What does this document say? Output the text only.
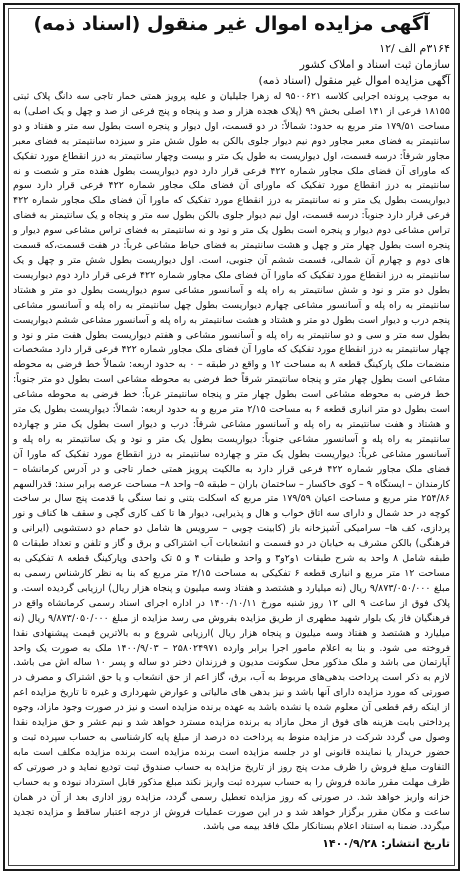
آگهی مزایده اموال غیر منقول (اسناد ذمه)
۳۱۶۴م الف /۱۲
سازمان ثبت اسناد و املاک کشور
آگهی مزایده اموال غیر منقول (اسناد ذمه)
به موجب پرونده اجرایی کلاسه ۹۵۰۰۶۲۱ له زهرا جلیلیان و علیه پرویز همتی خمار تاجی سه دانگ پلاک ثبتی ۱۸۱۵۵ فرعی از ۱۴۱ اصلی بخش ۹۹ (پلاک هجده هزار و صد و پنجاه و پنج فرعی از صد و چهل و یک اصلی) به مساحت ۱۷۹/۵۱ متر مربع به حدود: شمالاً: در دو قسمت، اول دیوار و پنجره است بطول سه متر و هفتاد و دو سانتیمتر به فضای معبر مجاور دوم نیم دیوار جلوی بالکن به طول شش متر و سیزده سانتیمتر به فضای معبر مجاور شرقاً: درسه قسمت، اول دیواریست به طول یک متر و بیست وچهار سانتیمتر به درز انقطاع مورد تفکیک که ماورای آن فضای ملک مجاور شماره ۴۲۲ فرعی قرار دارد دوم دیواریست بطول هفده متر و شصت و نه سانتیمتر به درز انقطاع مورد تفکیک که ماورای آن فضای ملک مجاور شماره ۴۲۲ فرعی قرار دارد سوم دیواریست بطول یک متر و نه سانتیمتر به درز انقطاع مورد تفکیک که ماورا آن فضای ملک مجاور شماره ۴۲۲ فرعی قرار دارد جنوباً: درسه قسمت، اول نیم دیوار جلوی بالکن بطول سه متر و پنجاه و یک سانتیمتر به فضای تراس مشاعی دوم دیوار و پنجره است بطول یک متر و نود و نه سانتیمتر به فضای تراس مشاعی سوم دیوار و پنجره است بطول چهار متر و چهل و هشت سانتیمتر به فضای حیاط مشاعی غرباً: در هفت قسمت،که قسمت های دوم و چهارم آن شمالی، قسمت ششم آن جنوبی، است. اول دیواریست بطول شش متر و چهل و یک سانتیمتر به درز انقطاع مورد تفکیک که ماورا آن فضای ملک مجاور شماره ۴۲۲ فرعی قرار دارد دوم دیواریست بطول دو متر و نود و شش سانتیمتر به راه پله و آسانسور مشاعی سوم دیواریست بطول دو متر و هشتاد سانتیمتر به راه پله و آسانسور مشاعی چهارم دیواریست بطول چهل سانتیمتر به راه پله و آسانسور مشاعی پنجم درب و دیوار است بطول دو متر و هشتاد و هشت سانتیمتر به راه پله و آسانسور مشاعی ششم دیواریست بطول سه متر و سی و دو سانتیمتر به راه پله و آسانسور مشاعی و هفتم دیواریست بطول هفت متر و نود و چهار سانتیمتر به درز انقطاع مورد تفکیک که ماورا آن فضای ملک مجاور شماره ۴۲۲ فرعی قرار دارد مشخصات منضمات ملک پارکینگ قطعه ۸ به مساحت ۱۲ و واقع در طبقه – ۰ به حدود اربعه: شمالاً خط فرضی به محوطه مشاعی است بطول چهار متر و پنجاه سانتیمتر شرقاً خط فرضی به محوطه مشاعی است بطول دو متر جنوباً: خط فرضی به محوطه مشاعی است بطول چهار متر و پنجاه سانتیمتر غرباً: خط فرضی به محوطه مشاعی است بطول دو متر انباری قطعه ۶ به مساحت ۲/۱۵ متر مربع و به حدود اربعه: شمالاً: دیواریست بطول یک متر و هشتاد و هفت سانتیمتر به راه پله و آسانسور مشاعی شرقاً: درب و دیوار است بطول یک متر و چهارده سانتیمتر به راه پله و آسانسور مشاعی جنوباً: دیواریست بطول یک متر و نود و یک سانتیمتر به راه پله و آسانسور مشاعی غرباً: دیواریست بطول یک متر و چهارده سانتیمتر به درز انقطاع مورد تفکیک که ماورا آن فضای ملک مجاور شماره ۴۲۲ فرعی قرار دارد به مالکیت پرویز همتی خمار تاجی و در آدرس کرمانشاه – کارمندان – ایستگاه ۹ – کوی خاکسار – ساختمان باران – طبقه ۵– واحد ۸– مساحت عرصه برابر سند: قدرالسهم ۲۵۴/۸۶ متر مربع و مساحت اعیان ۱۷۹/۵۹ متر مربع که اسکلت بتنی و نما سنگی با قدمت پنج سال بر ساخت کوچه در حد شمال و دارای سه اتاق خواب و هال و پذیرایی، دیوار ها تا کف کاری گچی و سقف ها کناف و نور پردازی، کف ها– سرامیکی آشپزخانه باز (کابینت چوبی – سرویس ها شامل دو حمام دو دستشویی (ایرانی و فرهنگی) بالکن مشرف به خیابان در دو قسمت و انشعابات آب اشتراکی و برق و گاز و تلفن و تعداد طبقات ۵ طبقه شامل ۸ واحد به شرح طبقات ۱و۲و۳ و واحد و طبقات ۴ و ۵ تک واحدی وپارکینگ قطعه ۸ تفکیکی به مساحت ۱۲ متر مربع و انباری قطعه ۶ تفکیکی به مساحت ۲/۱۵ متر مربع که بنا به نظر کارشناس رسمی به مبلغ ۹/۸۷۳/۰۵۰/۰۰۰ ریال (نه میلیارد و هشتصد و هفتاد وسه میلیون و پنجاه هزار ریال) ارزیابی گردیده است. و پلاک فوق از ساعت ۹ الی ۱۲ روز شنبه مورخ ۱۴۰۰/۱۰/۱۱ در اداره اجرای اسناد رسمی کرمانشاه واقع در فرهنگیان فاز یک بلوار شهید مطهری از طریق مزایده بفروش می رسد مزایده از مبلغ ۹/۸۷۳/۰۵۰/۰۰۰ ریال (نه میلیارد و هشتصد و هفتاد وسه میلیون و پنجاه هزار ریال )ارزیابی شروع و به بالاترین قیمت پیشنهادی نقدا فروخته می شود. و بنا به اعلام مامور اجرا برابر وارده ۲۵۸۰۲۴۹۷۱ – ۱۴۰۰/۹/۰۳ ملک به صورت یک واحد آپارتمان می باشد و ملک مذکور محل سکونت مدیون و فرزندان دختر دو ساله و پسر ۱۰ ساله اش می باشد. لازم به ذکر است پرداخت بدهی‌های مربوط به آب، برق، گاز اعم از حق انشعاب و یا حق اشتراک و مصرف در صورتی که مورد مزایده دارای آنها باشد و نیز بدهی های مالیاتی و عوارض شهرداری و غیره تا تاریخ مزایده اعم از اینکه رقم قطعی آن معلوم شده یا نشده باشد به عهده برنده مزایده است و نیز در صورت وجود مازاد، وجوه پرداختی بابت هزینه های فوق از محل مازاد به برنده مزایده مسترد خواهد شد و نیم عشر و حق مزایده نقدا وصول می گردد شرکت در مزایده منوط به پرداخت ده درصد از مبلغ پایه کارشناسی به حساب سپرده ثبت و حضور خریدار یا نماینده قانونی او در جلسه مزایده است برنده مزایده است برنده مزایده مکلف است مابه التفاوت مبلغ فروش را ظرف مدت پنج روز از تاریخ مزایده به حساب صندوق ثبت تودیع نماید و در صورتی که ظرف مهلت مقرر مانده فروش را به حساب سپرده ثبت واریز نکند مبلغ مذکور قابل استرداد نبوده و به حساب خزانه واریز خواهد شد. در صورتی که روز مزایده تعطیل رسمی گردد، مزایده روز اداری بعد از آن در همان ساعت و مکان مقرر برگزار خواهد شد و در این صورت عملیات فروش از درجه اعتبار ساقط و مزایده تجدید میگردد. ضمنا به استناد اعلام بستانکار ملک فاقد بیمه می باشد.
تاریخ انتشار: ۱۴۰۰/۹/۲۸
